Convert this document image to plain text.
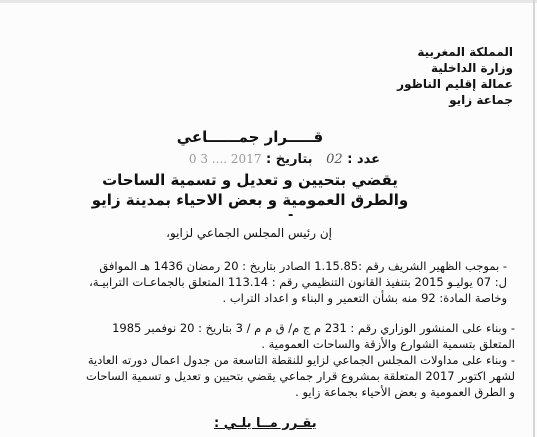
المملكة المغربية
وزارة الداخلية
عمالة إقليم الناظور
جماعة زايو
قـــــرار جمــــــاعي
عدد : 02   بتاريخ : 2017 .... 3 0
يقضي بتحيين و تعديل و تسمية الساحات
والطرق العمومية و بعض الاحياء بمدينة زايو
-
إن رئيس المجلس الجماعي لزايو،
- بموجب الظهير الشريف رقم :1.15.85 الصادر بتاريخ : 20 رمضان 1436 هـ الموافق
ل: 07 يوليـو 2015 بتنفيذ القانون التنظيمي رقم : 113.14 المتعلق بالجماعـات الترابيـة،
وخاصة المادة: 92 منه بشأن التعمير و البناء و اعداد التراب .
- وبناء على المنشور الوزاري رقم : 231 م ج م/ ق م م / 3 بتاريخ : 20 نوفمبر 1985
المتعلق بتسمية الشوارع والأزقة والساحات العمومية .
- وبناء على مداولات المجلس الجماعي لزايو للنقطة التاسعة من جدول اعمال دورته العادية
لشهر اكتوبر 2017 المتعلقة بمشروع قرار جماعي يقضي بتحيين و تعديل و تسمية الساحات
و الطرق العمومية و بعض الأحياء بجماعة زايو .
يقـرر مــا يلـي :
